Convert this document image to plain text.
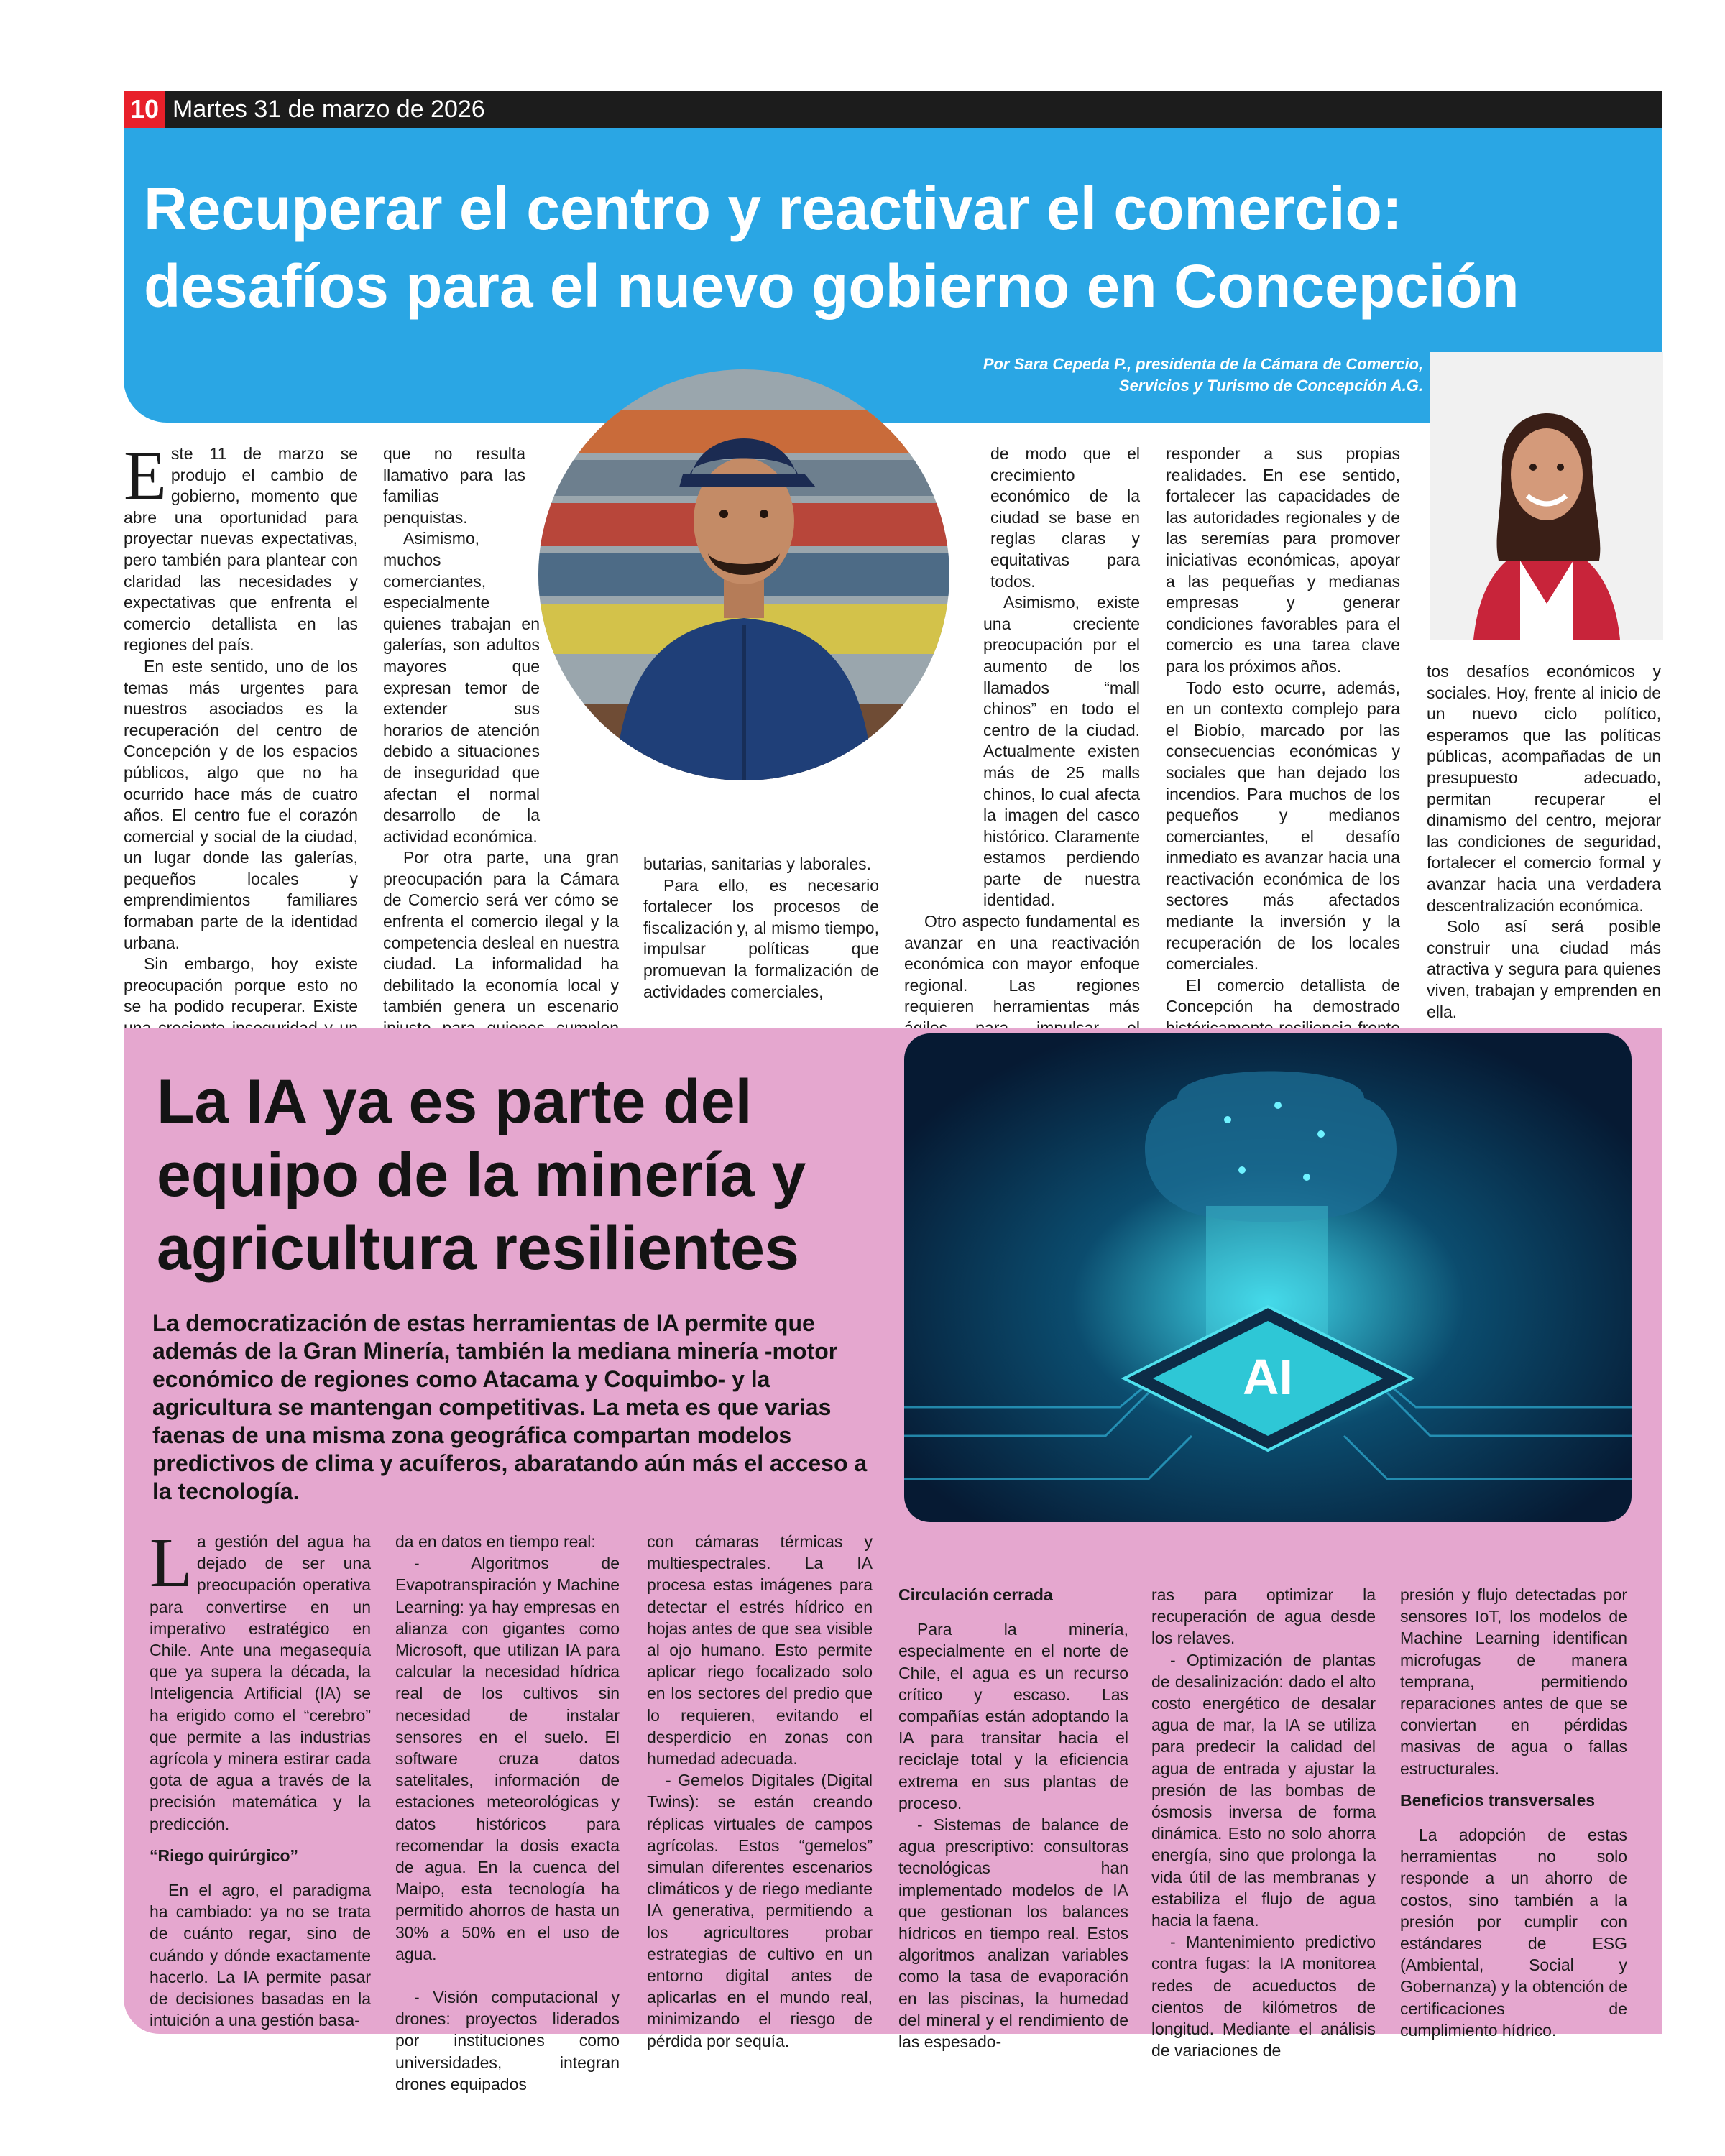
10 Martes 31 de marzo de 2026
Recuperar el centro y reactivar el comercio: desafíos para el nuevo gobierno en Concepción
Por Sara Cepeda P., presidenta de la Cámara de Comercio,
Servicios y Turismo de Concepción A.G.
E ste 11 de marzo se produjo el cambio de gobierno, momento que abre una oportunidad para proyectar nuevas expectativas, pero también para plantear con claridad las necesidades y expectativas que enfrenta el comercio detallista en las regiones del país.

En este sentido, uno de los temas más urgentes para nuestros asociados es la recuperación del centro de Concepción y de los espacios públicos, algo que no ha ocurrido hace más de cuatro años. El centro fue el corazón comercial y social de la ciudad, un lugar donde las galerías, pequeños locales y emprendimientos familiares formaban parte de la identidad urbana.

Sin embargo, hoy existe preocupación porque esto no se ha podido recuperar. Existe

que no resulta llamativo para las familias penquistas.

Asimismo, muchos comerciantes, especialmente quienes trabajan en galerías, son adultos mayores que expresan temor de extender sus horarios de atención debido a situaciones de inseguridad que afectan el normal desarrollo de la actividad económica.

Por otra parte, una gran preocupación para la Cámara de Comercio será ver cómo se enfrenta el comercio ilegal y la competencia desleal en nuestra ciudad. La informalidad ha debilitado la economía local y también genera un escenario

butarias, sanitarias y laborales.

Para ello, es necesario fortalecer los procesos de fiscalización y, al mismo tiempo, impulsar políticas que promuevan la formalización de actividades comerciales,

de modo que el crecimiento económico de la ciudad se base en reglas claras y equitativas para todos.

Asimismo, existe una creciente preocupación por el aumento de los llamados “mall chinos” en todo el centro de la ciudad. Actualmente existen más de 25 malls chinos, lo cual afecta la imagen del casco histórico. Claramente estamos perdiendo parte de nuestra identidad.

Otro aspecto fundamental es avanzar en una reactivación económica con mayor enfoque regional. Las regiones requieren herramientas más

responder a sus propias realidades. En ese sentido, fortalecer las capacidades de las autoridades regionales y de las seremías para promover iniciativas económicas, apoyar a las pequeñas y medianas empresas y generar condiciones favorables para el comercio es una tarea clave para los próximos años.

Todo esto ocurre, además, en un contexto complejo para el Biobío, marcado por las consecuencias económicas y sociales que han dejado los incendios. Para muchos de los pequeños y medianos comerciantes, el desafío inmediato es avanzar hacia una reactivación económica de los sectores más afectados mediante la inversión y la recuperación de los locales comerciales.

El comercio detallista de Concepción ha demostrado

tos desafíos económicos y sociales. Hoy, frente al inicio de un nuevo ciclo político, esperamos que las políticas públicas, acompañadas de un presupuesto adecuado, permitan recuperar el dinamismo del centro, mejorar las condiciones de seguridad, fortalecer el comercio formal y avanzar hacia una verdadera descentralización económica.

Solo así será posible construir una ciudad más atractiva y segura para quienes viven, trabajan y emprenden en ella.

AI
La IA ya es parte del equipo de la minería y agricultura resilientes

La democratización de estas herramientas de IA permite que además de la Gran Minería, también la mediana minería -motor económico de regiones como Atacama y Coquimbo- y la agricultura se mantengan competitivas. La meta es que varias faenas de una misma zona geográfica compartan modelos predictivos de clima y acuíferos, abaratando aún más el acceso a la tecnología.

L a gestión del agua ha dejado de ser una preocupación operativa para convertirse en un imperativo estratégico en Chile. Ante una megasequía que ya supera la década, la Inteligencia Artificial (IA) se ha erigido como el “cerebro” que permite a las industrias agrícola y minera estirar cada gota de agua a través de la precisión matemática y la predicción.

“Riego quirúrgico”

En el agro, el paradigma ha cambiado: ya no se trata de cuánto regar, sino de cuándo y dónde exactamente hacerlo. La IA permite pasar de decisiones basadas en la intuición a una gestión basa-

da en datos en tiempo real:

- Algoritmos de Evapotranspiración y Machine Learning: ya hay empresas en alianza con gigantes como Microsoft, que utilizan IA para calcular la necesidad hídrica real de los cultivos sin necesidad de instalar sensores en el suelo. El software cruza datos satelitales, información de estaciones meteorológicas y datos históricos para recomendar la dosis exacta de agua. En la cuenca del Maipo, esta tecnología ha permitido ahorros de hasta un 30% a 50% en el uso de agua.

- Visión computacional y drones: proyectos liderados por instituciones como universidades, integran drones equipados

con cámaras térmicas y multiespectrales. La IA procesa estas imágenes para detectar el estrés hídrico en hojas antes de que sea visible al ojo humano. Esto permite aplicar riego focalizado solo en los sectores del predio que lo requieren, evitando el desperdicio en zonas con humedad adecuada.

- Gemelos Digitales (Digital Twins): se están creando réplicas virtuales de campos agrícolas. Estos “gemelos” simulan diferentes escenarios climáticos y de riego mediante IA generativa, permitiendo a los agricultores probar estrategias de cultivo en un entorno digital antes de aplicarlas en el mundo real, minimizando el riesgo de pérdida por sequía.

Circulación cerrada

Para la minería, especialmente en el norte de Chile, el agua es un recurso crítico y escaso. Las compañías están adoptando la IA para transitar hacia el reciclaje total y la eficiencia extrema en sus plantas de proceso.

- Sistemas de balance de agua prescriptivo: consultoras tecnológicas han implementado modelos de IA que gestionan los balances hídricos en tiempo real. Estos algoritmos analizan variables como la tasa de evaporación en las piscinas, la humedad del mineral y el rendimiento de las espesado-

ras para optimizar la recuperación de agua desde los relaves.

- Optimización de plantas de desalinización: dado el alto costo energético de desalar agua de mar, la IA se utiliza para predecir la calidad del agua de entrada y ajustar la presión de las bombas de ósmosis inversa de forma dinámica. Esto no solo ahorra energía, sino que prolonga la vida útil de las membranas y estabiliza el flujo de agua hacia la faena.

- Mantenimiento predictivo contra fugas: la IA monitorea redes de acueductos de cientos de kilómetros de longitud. Mediante el análisis de variaciones de

presión y flujo detectadas por sensores IoT, los modelos de Machine Learning identifican microfugas de manera temprana, permitiendo reparaciones antes de que se conviertan en pérdidas masivas de agua o fallas estructurales.

Beneficios transversales

La adopción de estas herramientas no solo responde a un ahorro de costos, sino también a la presión por cumplir con estándares de ESG (Ambiental, Social y Gobernanza) y la obtención de certificaciones de cumplimiento hídrico.
